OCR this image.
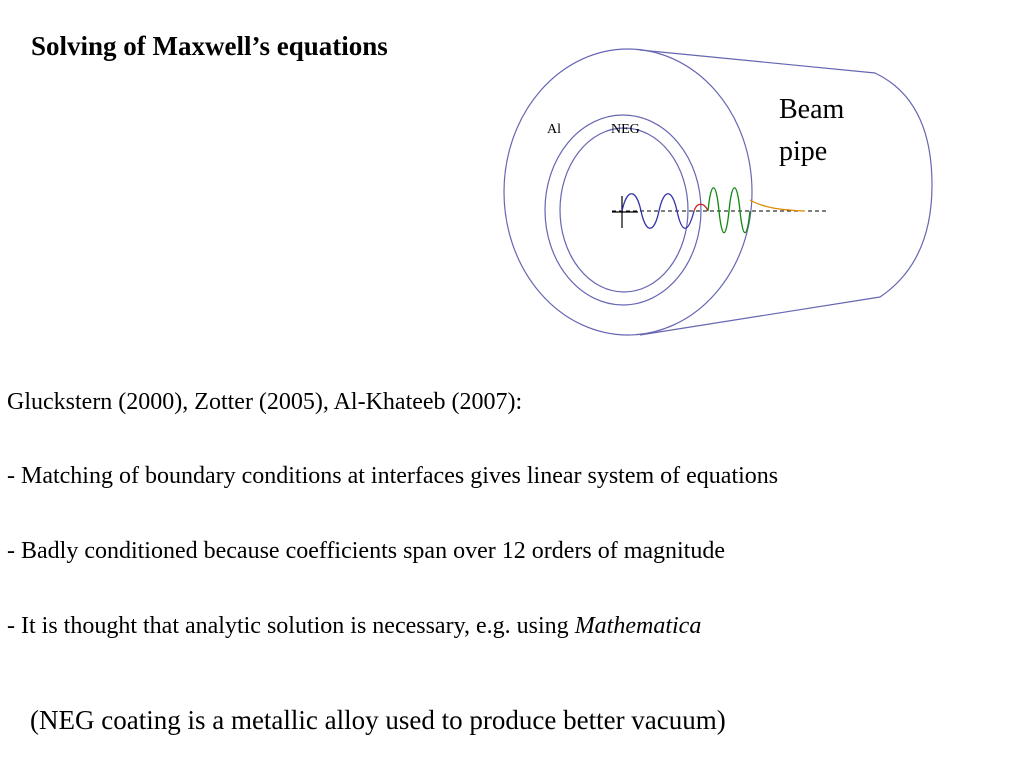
Solving of Maxwell’s equations
Al	NEG
Beam pipe
Gluckstern (2000), Zotter (2005), Al-Khateeb (2007):
- Matching of boundary conditions at interfaces gives linear system of equations
- Badly conditioned because coefficients span over 12 orders of magnitude
- It is thought that analytic solution is necessary, e.g. using Mathematica
(NEG coating is a metallic alloy used to produce better vacuum)
